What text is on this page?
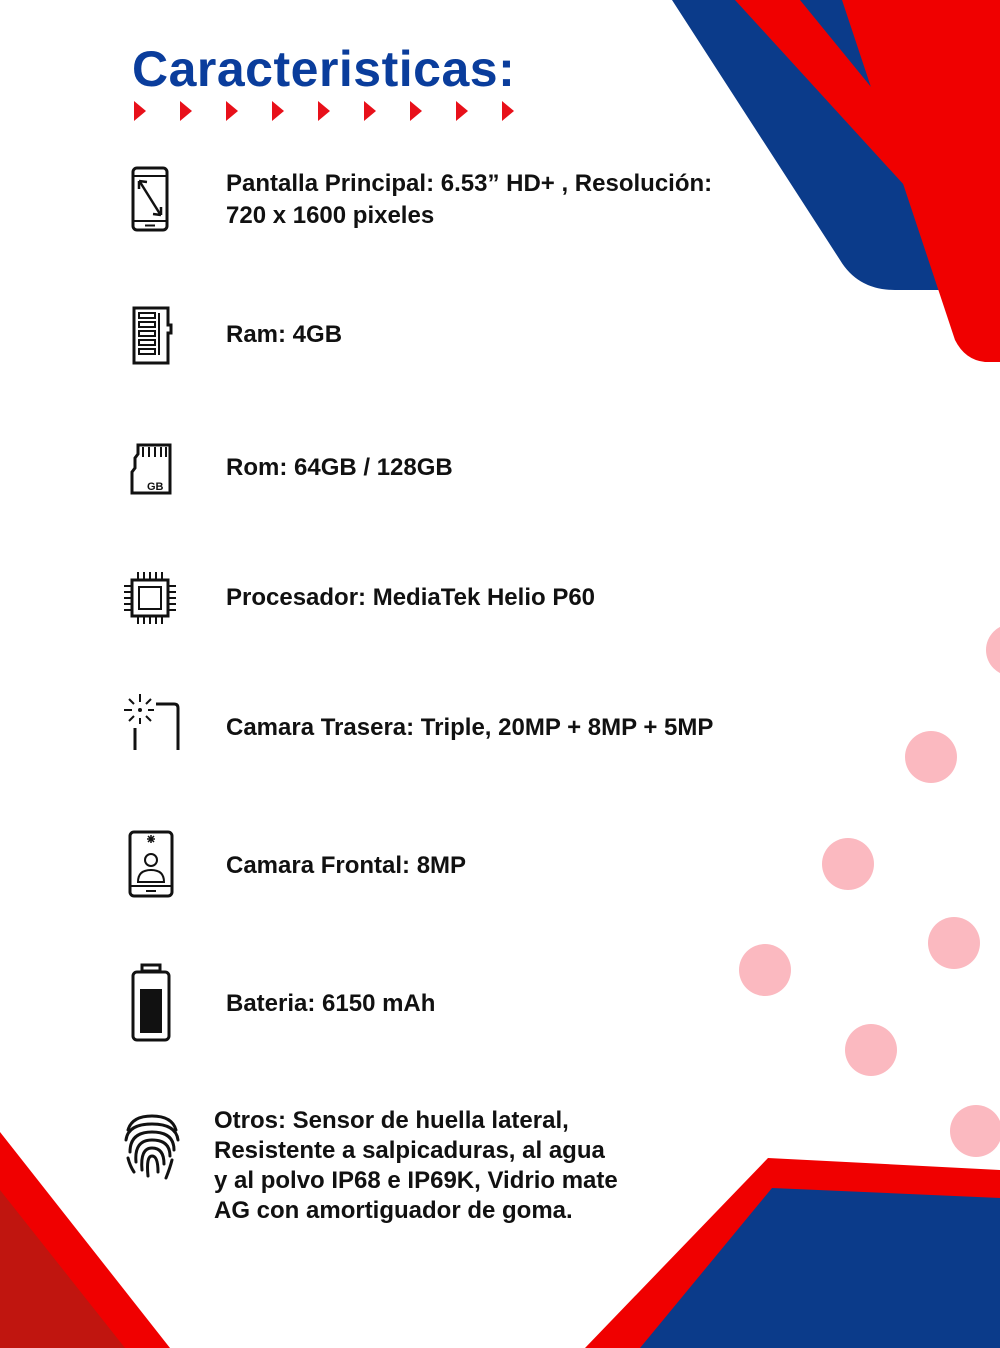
Caracteristicas:
Pantalla Principal: 6.53” HD+ , Resolución:
720 x 1600 pixeles
Ram: 4GB
GB
Rom: 64GB / 128GB
Procesador: MediaTek Helio P60
Camara Trasera: Triple, 20MP + 8MP + 5MP
Camara Frontal: 8MP
Bateria: 6150 mAh
Otros: Sensor de huella lateral,
Resistente a salpicaduras, al agua
y al polvo IP68 e IP69K, Vidrio mate
AG con amortiguador de goma.
